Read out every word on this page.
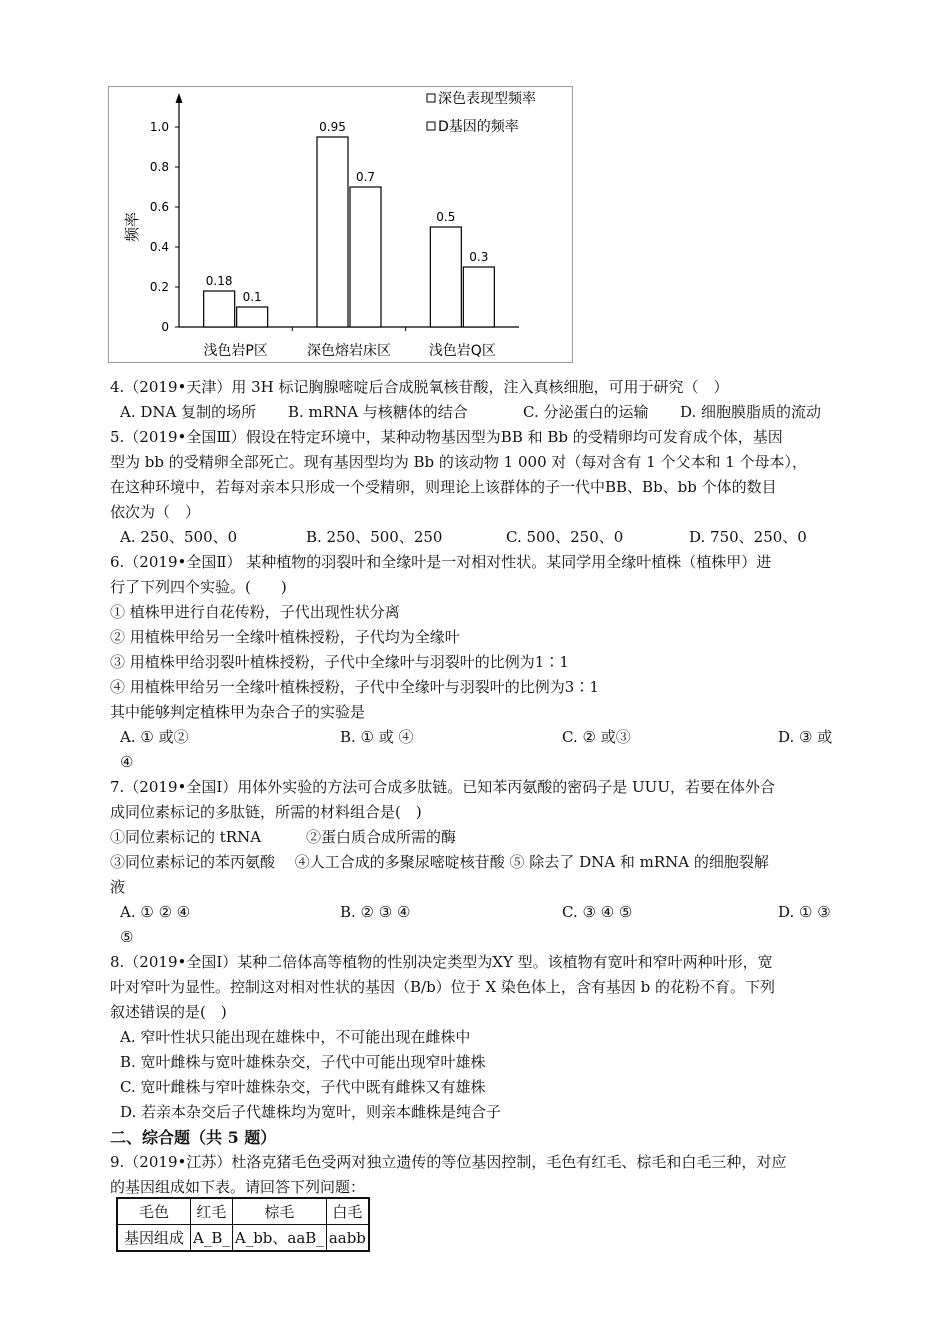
0
0.2
0.4
0.6
0.8
1.0
频率
0.18
0.1
浅色岩P区
0.95
0.7
深色熔岩床区
0.5
0.3
浅色岩Q区
深色表现型频率
D基因的频率
4.（2019•天津）用 3H 标记胸腺嘧啶后合成脱氧核苷酸，注入真核细胞，可用于研究（　）
A. DNA 复制的场所 B. mRNA 与核糖体的结合	C. 分泌蛋白的运输 D. 细胞膜脂质的流动
5.（2019•全国Ⅲ）假设在特定环境中，某种动物基因型为BB 和 Bb 的受精卵均可发育成个体，基因
型为 bb 的受精卵全部死亡。现有基因型均为 Bb 的该动物 1 000 对（每对含有 1 个父本和 1 个母本），
在这种环境中，若每对亲本只形成一个受精卵，则理论上该群体的子一代中BB、Bb、bb 个体的数目
依次为（　）
A. 250、500、0	B. 250、500、250	C. 500、250、0	D. 750、250、0
6.（2019•全国Ⅱ） 某种植物的羽裂叶和全缘叶是一对相对性状。某同学用全缘叶植株（植株甲）进
行了下列四个实验。(　　)
① 植株甲进行自花传粉，子代出现性状分离
② 用植株甲给另一全缘叶植株授粉，子代均为全缘叶
③ 用植株甲给羽裂叶植株授粉，子代中全缘叶与羽裂叶的比例为1∶1
④ 用植株甲给另一全缘叶植株授粉，子代中全缘叶与羽裂叶的比例为3∶1
其中能够判定植株甲为杂合子的实验是
A. ① 或②	B. ① 或 ④	C. ② 或③	D. ③ 或
④
7.（2019•全国Ⅰ）用体外实验的方法可合成多肽链。已知苯丙氨酸的密码子是 UUU，若要在体外合
成同位素标记的多肽链，所需的材料组合是(　)
①同位素标记的 tRNA　　　②蛋白质合成所需的酶
③同位素标记的苯丙氨酸　 ④人工合成的多聚尿嘧啶核苷酸 ⑤ 除去了 DNA 和 mRNA 的细胞裂解
液
A. ① ② ④	B. ② ③ ④	C. ③ ④ ⑤	D. ① ③
⑤
8.（2019•全国Ⅰ）某种二倍体高等植物的性别决定类型为XY 型。该植物有宽叶和窄叶两种叶形，宽
叶对窄叶为显性。控制这对相对性状的基因（B/b）位于 X 染色体上，含有基因 b 的花粉不育。下列
叙述错误的是(　)
A. 窄叶性状只能出现在雄株中，不可能出现在雌株中
B. 宽叶雌株与宽叶雄株杂交，子代中可能出现窄叶雄株
C. 宽叶雌株与窄叶雄株杂交，子代中既有雌株又有雄株
D. 若亲本杂交后子代雄株均为宽叶，则亲本雌株是纯合子
二、综合题（共 5 题）
9.（2019•江苏）杜洛克猪毛色受两对独立遗传的等位基因控制，毛色有红毛、棕毛和白毛三种，对应
的基因组成如下表。请回答下列问题：
毛色	红毛	棕毛	白毛
基因组成	A_B_	A_bb、aaB_	aabb
